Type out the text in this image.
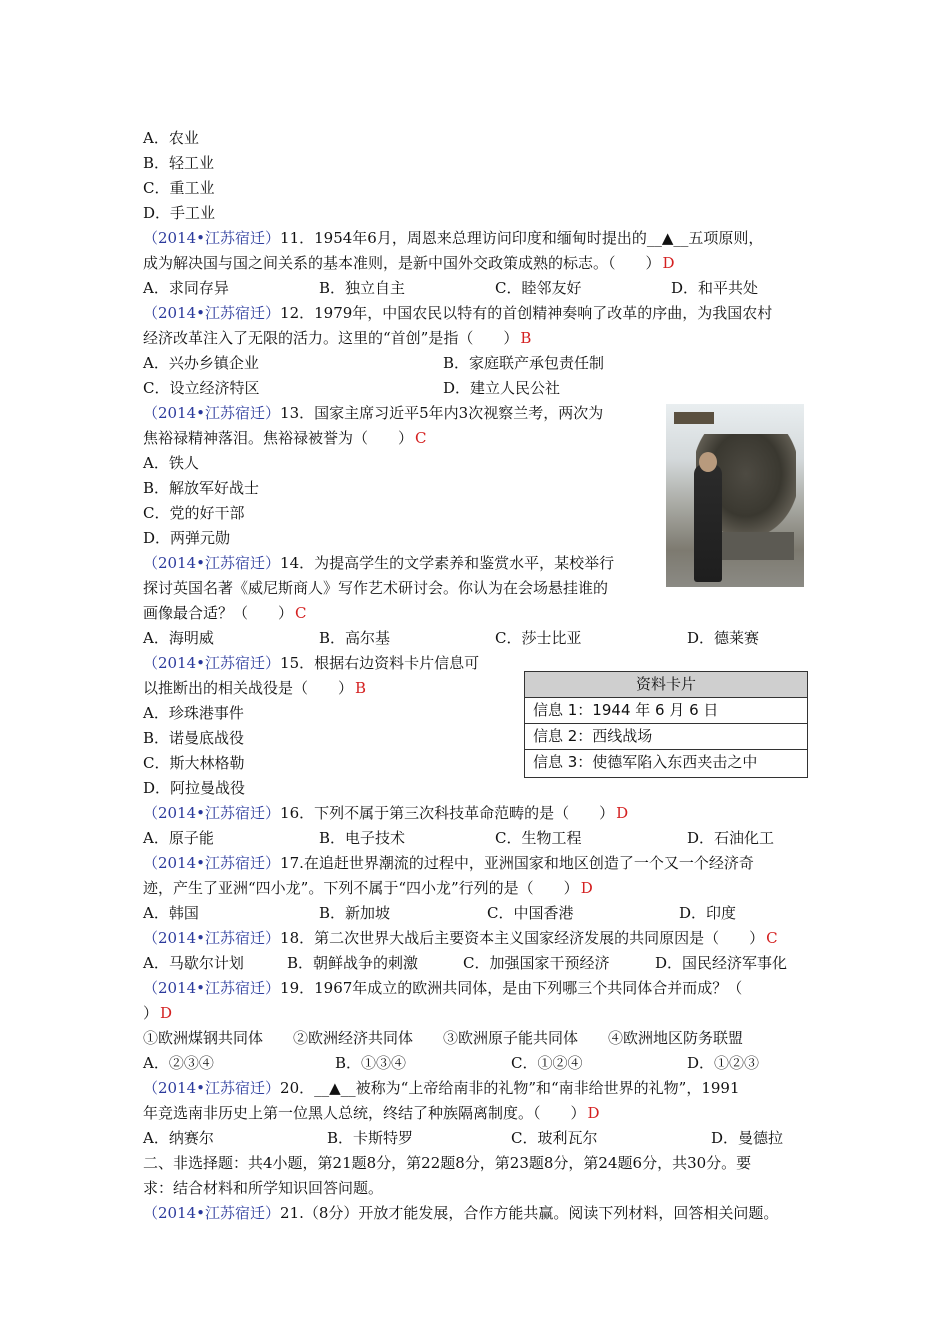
A．农业
B．轻工业
C．重工业
D．手工业
（2014•江苏宿迁）11．1954年6月，周恩来总理访问印度和缅甸时提出的__▲__五项原则，
成为解决国与国之间关系的基本准则，是新中国外交政策成熟的标志。（　　） D
A．求同存异	B．独立自主	C．睦邻友好	D．和平共处
（2014•江苏宿迁）12．1979年，中国农民以特有的首创精神奏响了改革的序曲，为我国农村
经济改革注入了无限的活力。这里的“首创”是指（　　） B
A．兴办乡镇企业	B．家庭联产承包责任制
C．设立经济特区	D．建立人民公社
（2014•江苏宿迁）13．国家主席习近平5年内3次视察兰考，两次为
焦裕禄精神落泪。焦裕禄被誉为（　　） C
A．铁人
B．解放军好战士
C．党的好干部
D．两弹元勋
（2014•江苏宿迁）14．为提高学生的文学素养和鉴赏水平，某校举行
探讨英国名著《威尼斯商人》写作艺术研讨会。你认为在会场悬挂谁的
画像最合适？（　　） C
A．海明威	B．高尔基	C．莎士比亚	D．德莱赛
（2014•江苏宿迁）15．根据右边资料卡片信息可
以推断出的相关战役是（　　） B
A．珍珠港事件
B．诺曼底战役
C．斯大林格勒
D．阿拉曼战役
资料卡片
信息 1：1944 年 6 月 6 日
信息 2：西线战场
信息 3：使德军陷入东西夹击之中
（2014•江苏宿迁）16．下列不属于第三次科技革命范畴的是（　　） D
A．原子能	B．电子技术	C．生物工程	D．石油化工
（2014•江苏宿迁）17.在追赶世界潮流的过程中，亚洲国家和地区创造了一个又一个经济奇
迹，产生了亚洲“四小龙”。下列不属于“四小龙”行列的是（　　） D
A．韩国	B．新加坡	C．中国香港	D．印度
（2014•江苏宿迁）18．第二次世界大战后主要资本主义国家经济发展的共同原因是（　　） C
A．马歇尔计划	B．朝鲜战争的刺激	C．加强国家干预经济	D．国民经济军事化
（2014•江苏宿迁）19．1967年成立的欧洲共同体，是由下列哪三个共同体合并而成？（
） D
①欧洲煤钢共同体　　②欧洲经济共同体　　③欧洲原子能共同体　　④欧洲地区防务联盟
A．②③④	B．①③④	C．①②④	D．①②③
（2014•江苏宿迁）20．__▲__被称为“上帝给南非的礼物”和“南非给世界的礼物”，1991
年竞选南非历史上第一位黑人总统，终结了种族隔离制度。（　　） D
A．纳赛尔	B．卡斯特罗	C．玻利瓦尔	D．曼德拉
二、非选择题：共4小题，第21题8分，第22题8分，第23题8分，第24题6分，共30分。要
求：结合材料和所学知识回答问题。
（2014•江苏宿迁）21.（8分）开放才能发展，合作方能共赢。阅读下列材料，回答相关问题。
